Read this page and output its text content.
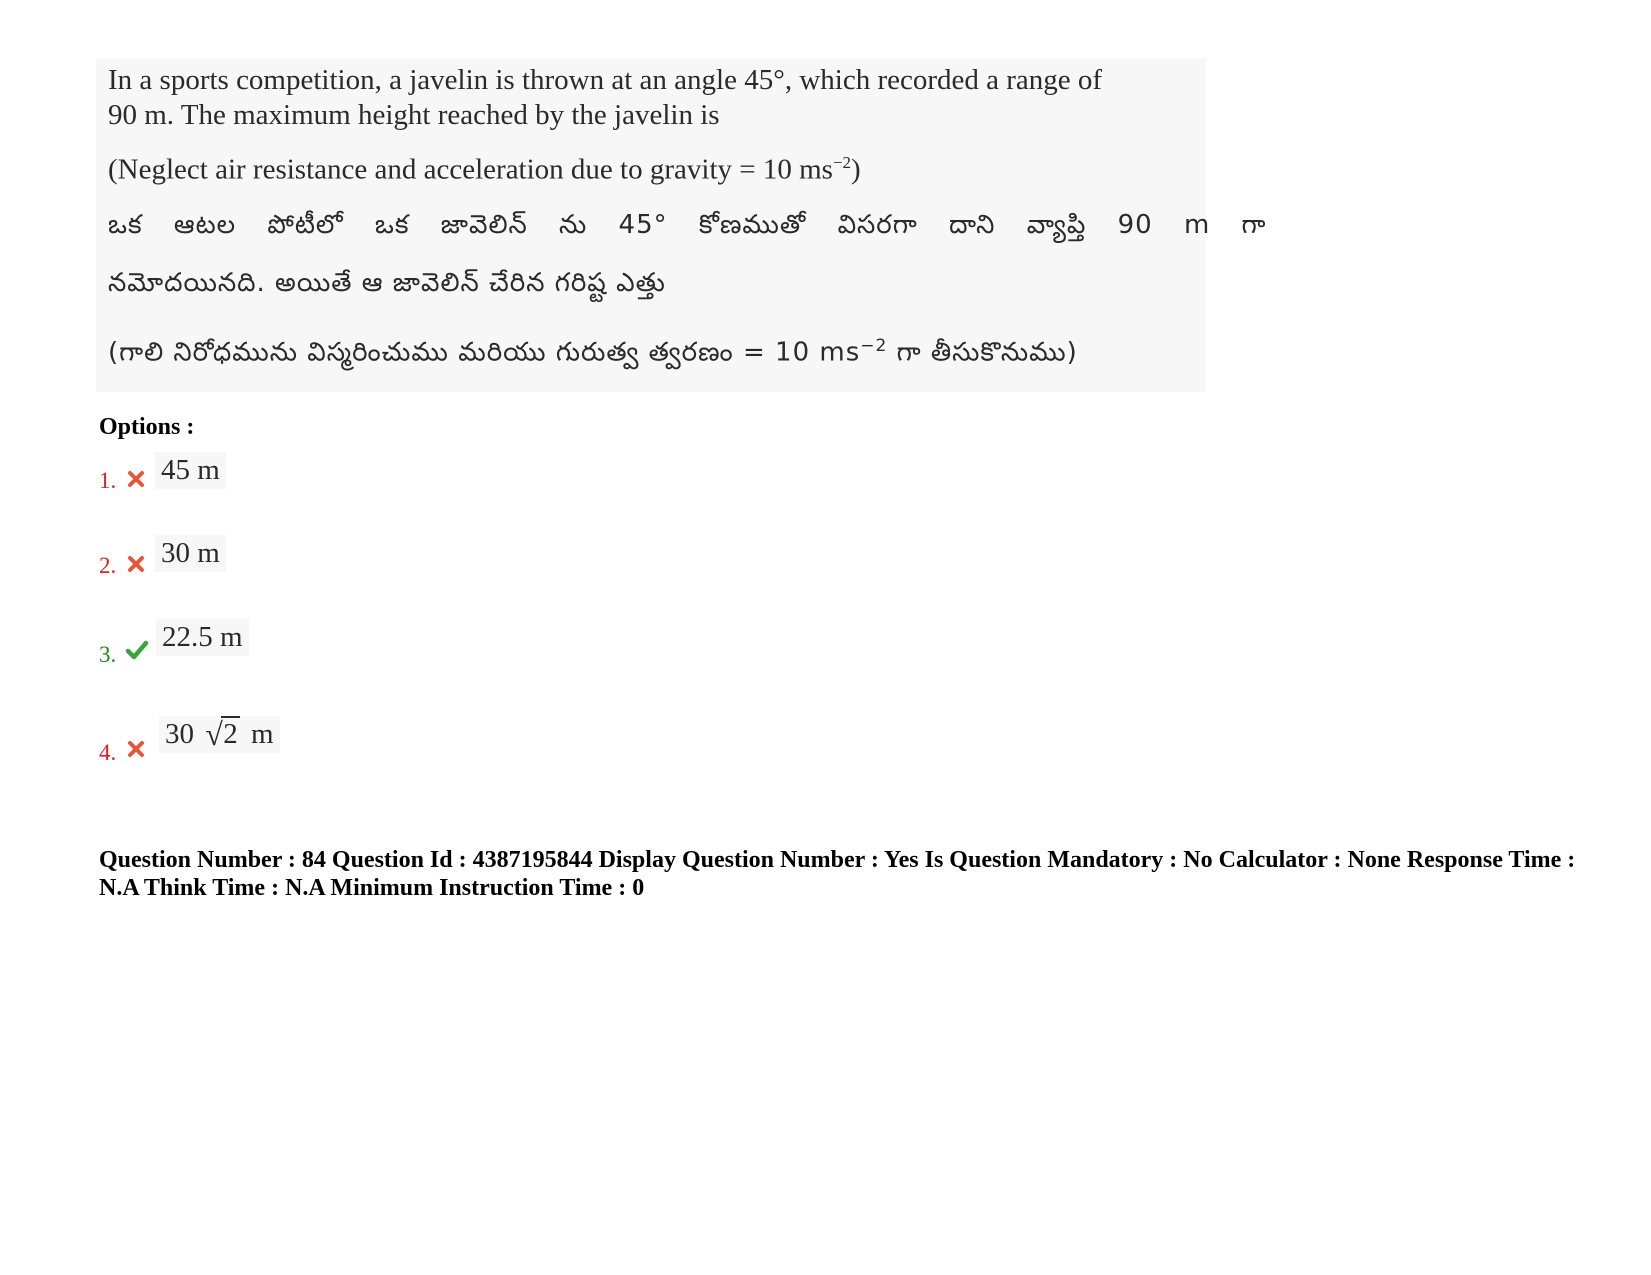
In a sports competition, a javelin is thrown at an angle 45°, which recorded a range of
90 m. The maximum height reached by the javelin is
(Neglect air resistance and acceleration due to gravity = 10 $ms^{-2}$)
ఒక ఆటల పోటీలో ఒక జావెలిన్ ను 45° కోణముతో విసరగా దాని వ్యాప్తి 90 m గా
నమోదయినది. అయితే ఆ జావెలిన్ చేరిన గరిష్ట ఎత్తు
(గాలి నిరోధమును విస్మరించుము మరియు గురుత్వ త్వరణం = 10 $ms^{-2}$ గా తీసుకొనుము)
Options :
1. 45 m
2. 30 m
3.
22.5 m
4.
30 √ 2 m
Question Number : 84 Question Id : 4387195844 Display Question Number : Yes Is Question Mandatory : No Calculator : None Response Time : N.A Think Time : N.A Minimum Instruction Time : 0
